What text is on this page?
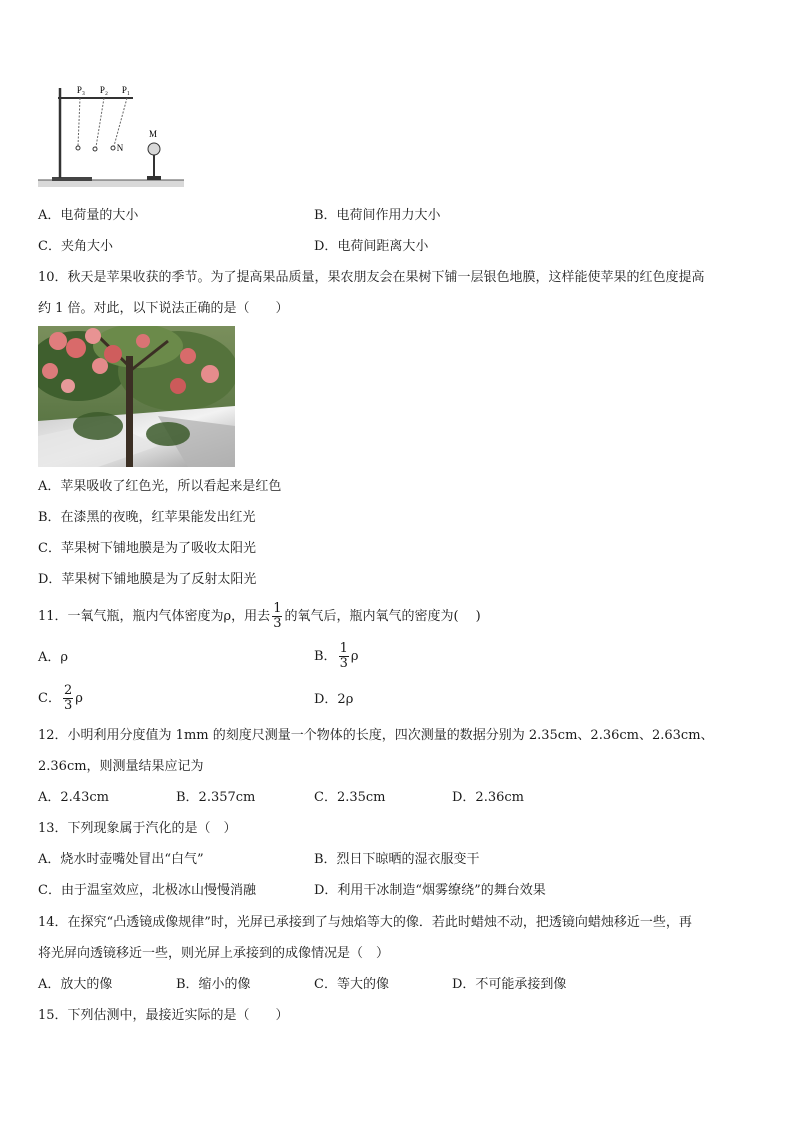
P₃ P₂ P₁
M
N
A．电荷量的大小	B．电荷间作用力大小
C．夹角大小	D．电荷间距离大小
10．秋天是苹果收获的季节。为了提高果品质量，果农朋友会在果树下铺一层银色地膜，这样能使苹果的红色度提高
约 1 倍。对此，以下说法正确的是（　　）
A．苹果吸收了红色光，所以看起来是红色
B．在漆黑的夜晚，红苹果能发出红光
C．苹果树下铺地膜是为了吸收太阳光
D．苹果树下铺地膜是为了反射太阳光
11．一氧气瓶，瓶内气体密度为ρ，用去 $\frac{1}{3}$ 的氧气后，瓶内氧气的密度为(　 )
A．ρ	B． $\frac{1}{3}$ ρ
C． $\frac{2}{3}$ ρ	D．2ρ
12．小明利用分度值为 1mm 的刻度尺测量一个物体的长度，四次测量的数据分别为 2.35cm、2.36cm、2.63cm、
2.36cm，则测量结果应记为
A．2.43cm	B．2.357cm	C．2.35cm	D．2.36cm
13．下列现象属于汽化的是（　）
A．烧水时壶嘴处冒出“白气”	B．烈日下晾晒的湿衣服变干
C．由于温室效应，北极冰山慢慢消融	D．利用干冰制造“烟雾缭绕”的舞台效果
14．在探究“凸透镜成像规律”时，光屏已承接到了与烛焰等大的像．若此时蜡烛不动，把透镜向蜡烛移近一些，再
将光屏向透镜移近一些，则光屏上承接到的成像情况是（　）
A．放大的像	B．缩小的像	C．等大的像	D．不可能承接到像
15．下列估测中，最接近实际的是（　　）
